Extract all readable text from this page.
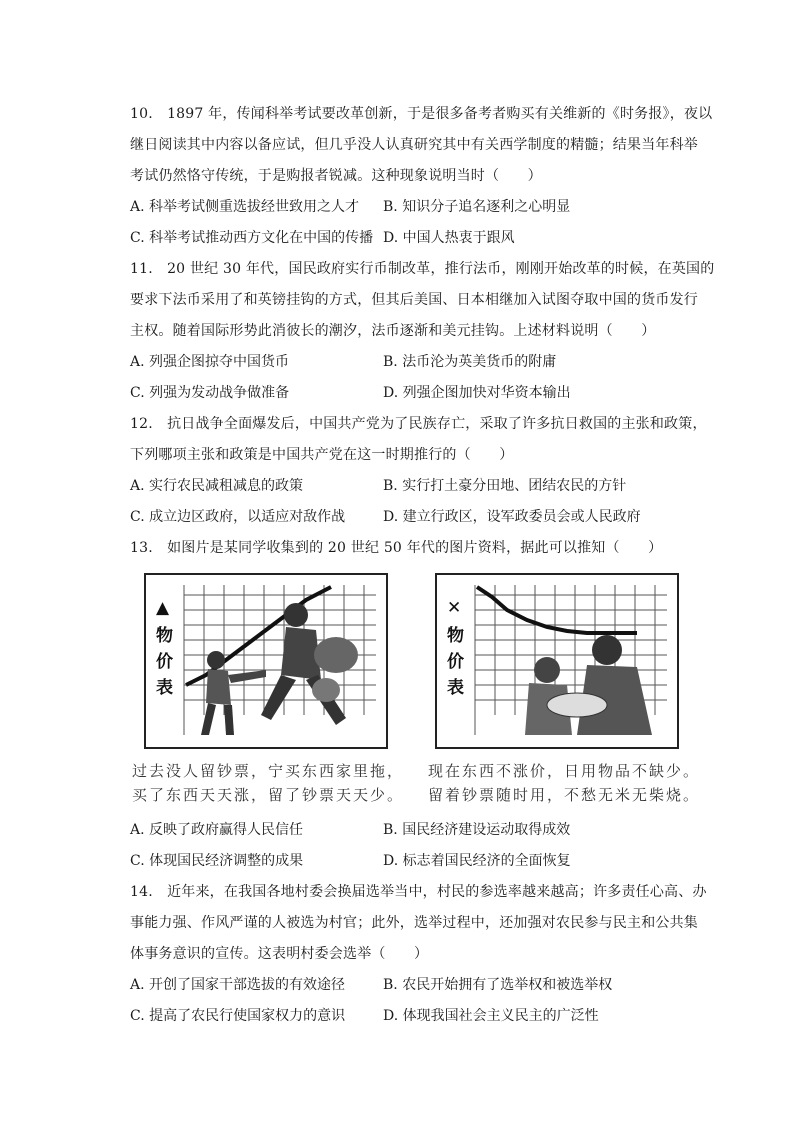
10.　1897 年，传闻科举考试要改革创新，于是很多备考者购买有关维新的《时务报》，夜以
继日阅读其中内容以备应试，但几乎没人认真研究其中有关西学制度的精髓；结果当年科举
考试仍然恪守传统，于是购报者锐减。这种现象说明当时（　　）
A. 科举考试侧重选拔经世致用之人才 B. 知识分子追名逐利之心明显
C. 科举考试推动西方文化在中国的传播 D. 中国人热衷于跟风
11.　20 世纪 30 年代，国民政府实行币制改革，推行法币，刚刚开始改革的时候，在英国的
要求下法币采用了和英镑挂钩的方式，但其后美国、日本相继加入试图夺取中国的货币发行
主权。随着国际形势此消彼长的潮汐，法币逐渐和美元挂钩。上述材料说明（　　）
A. 列强企图掠夺中国货币	B. 法币沦为英美货币的附庸
C. 列强为发动战争做准备	D. 列强企图加快对华资本输出
12.　抗日战争全面爆发后，中国共产党为了民族存亡，采取了许多抗日救国的主张和政策，
下列哪项主张和政策是中国共产党在这一时期推行的（　　）
A. 实行农民减租减息的政策	B. 实行打土豪分田地、团结农民的方针
C. 成立边区政府，以适应对敌作战	D. 建立行政区，设军政委员会或人民政府
13.　如图片是某同学收集到的 20 世纪 50 年代的图片资料，据此可以推知（　　）
▲
物
价
表
✕
物
价
表
过去没人留钞票，宁买东西家里拖，
买了东西天天涨，留了钞票天天少。
现在东西不涨价，日用物品不缺少。
留着钞票随时用，不愁无米无柴烧。
A. 反映了政府赢得人民信任	B. 国民经济建设运动取得成效
C. 体现国民经济调整的成果	D. 标志着国民经济的全面恢复
14.　近年来，在我国各地村委会换届选举当中，村民的参选率越来越高；许多责任心高、办
事能力强、作风严谨的人被选为村官；此外，选举过程中，还加强对农民参与民主和公共集
体事务意识的宣传。这表明村委会选举（　　）
A. 开创了国家干部选拔的有效途径	B. 农民开始拥有了选举权和被选举权
C. 提高了农民行使国家权力的意识	D. 体现我国社会主义民主的广泛性
